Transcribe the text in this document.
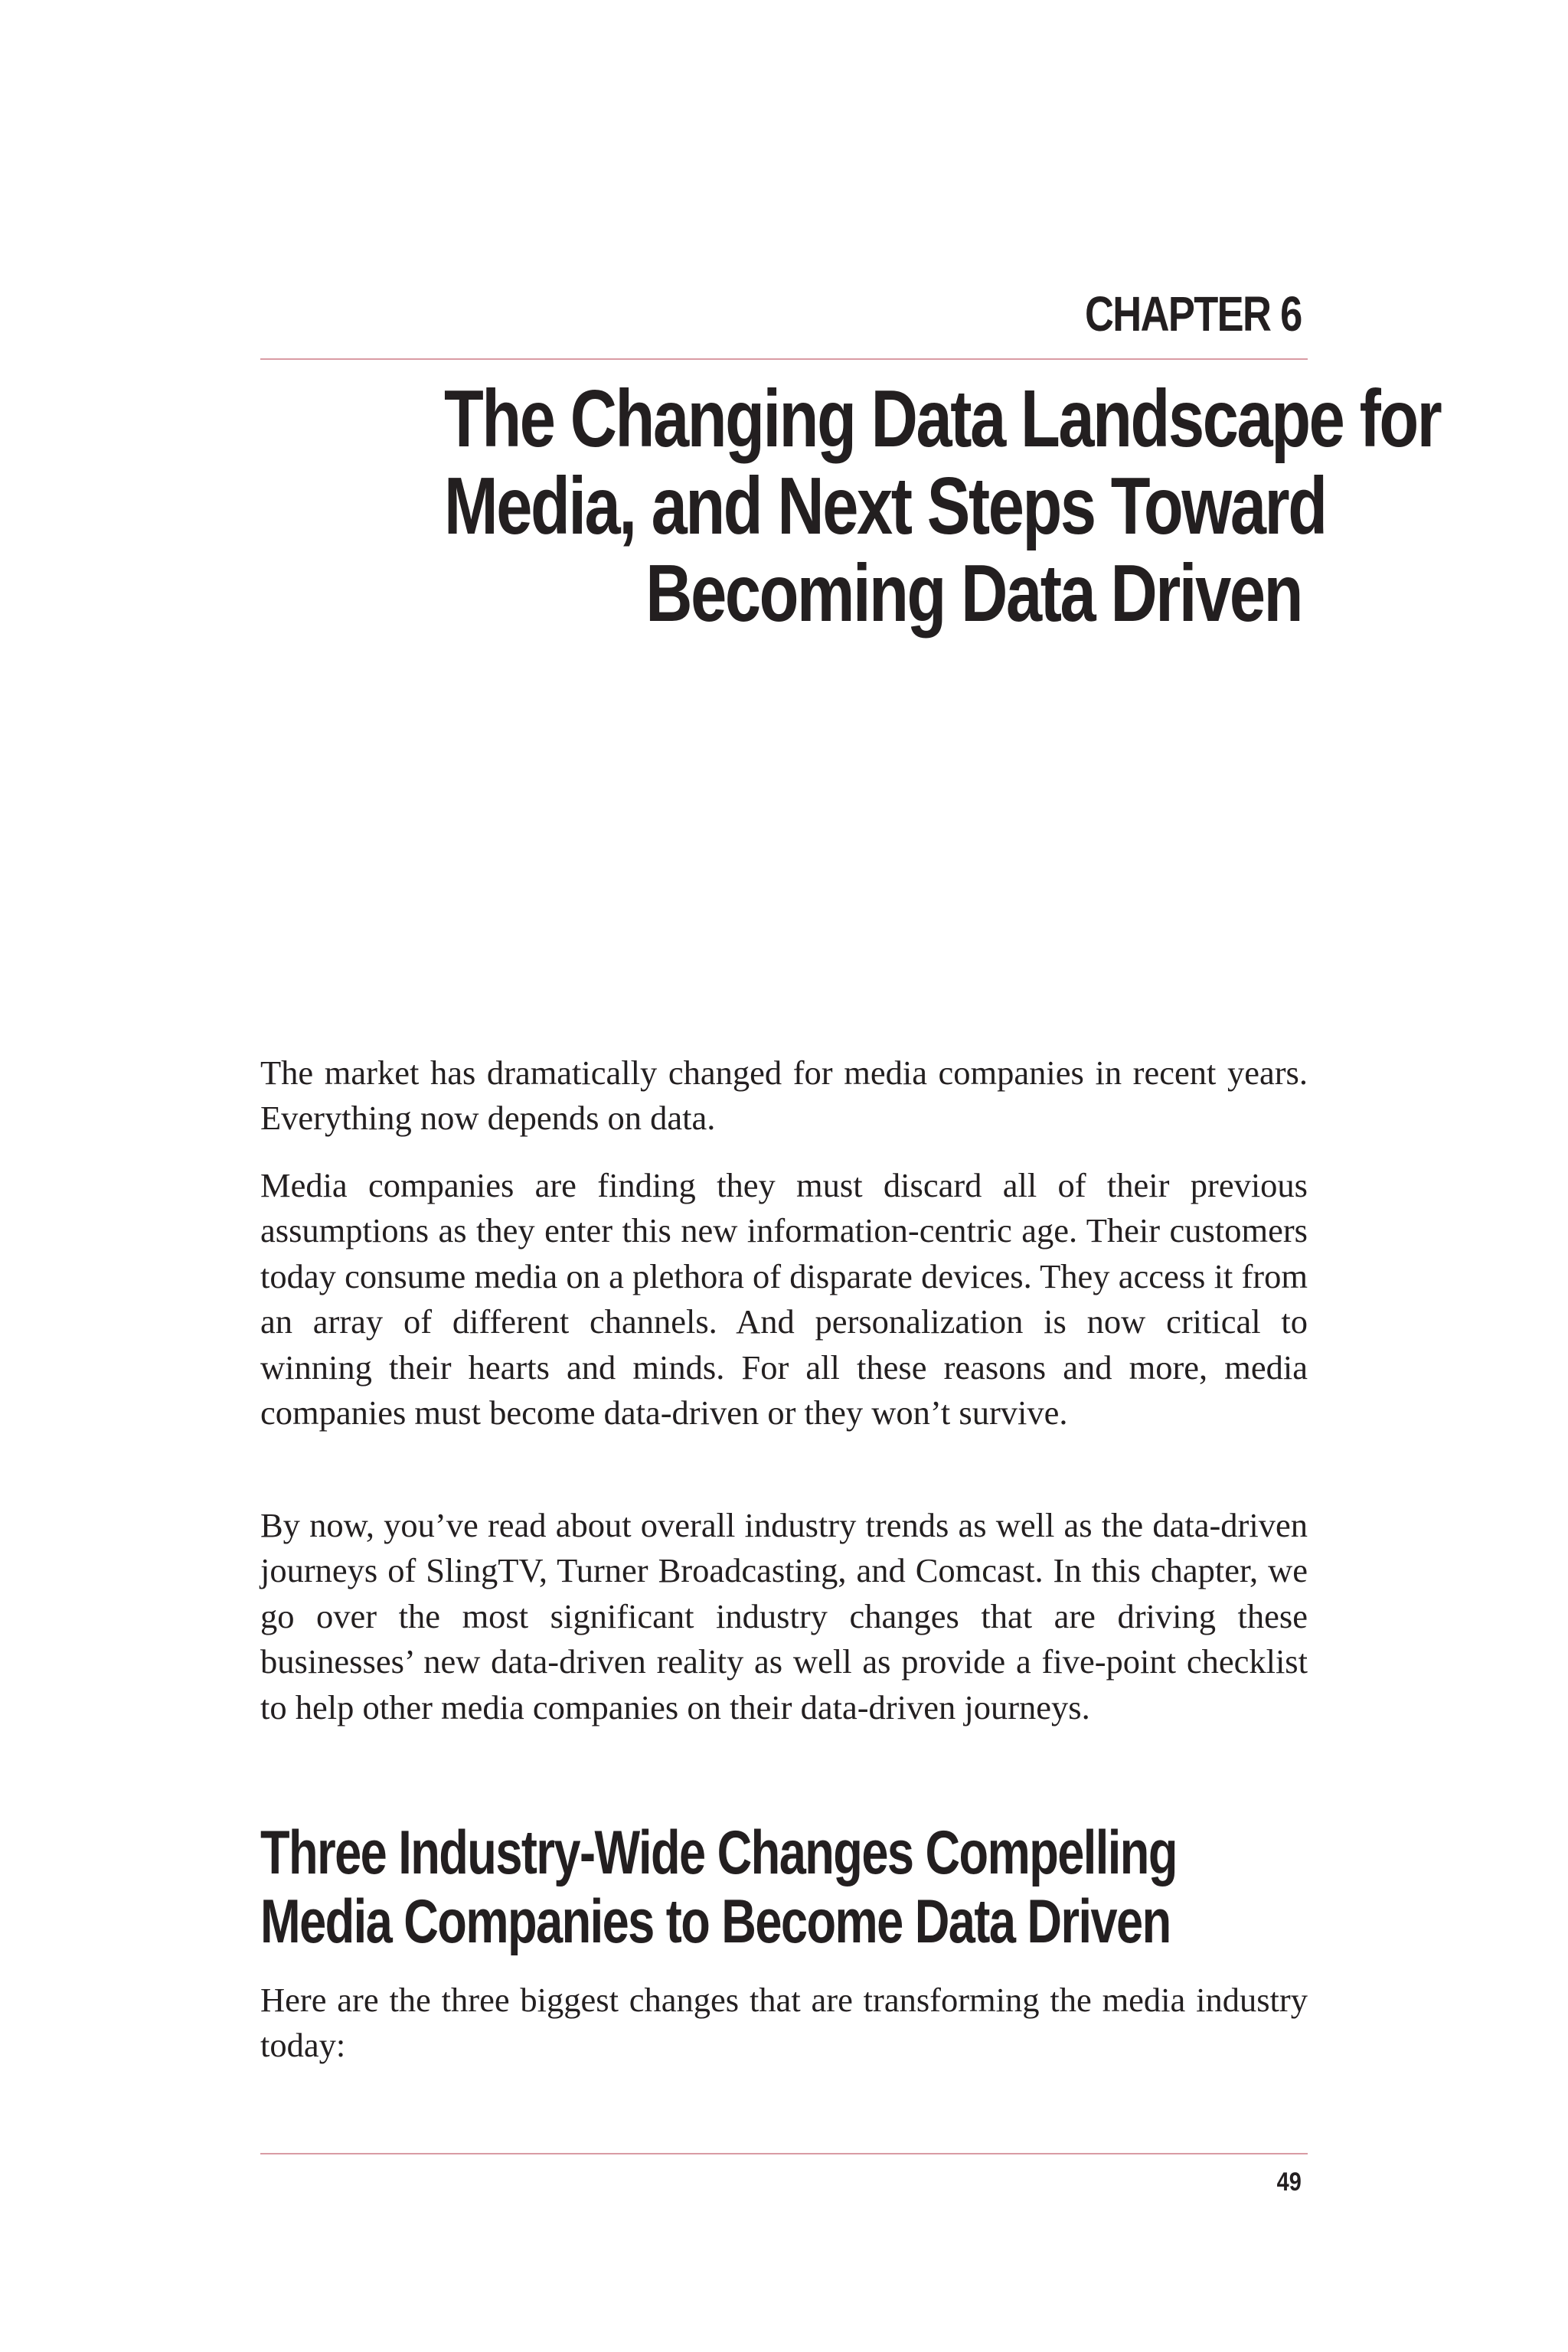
CHAPTER 6
The Changing Data Landscape for
Media, and Next Steps Toward
Becoming Data Driven

The market has dramatically changed for media companies in recent years. Everything now depends on data.

Media companies are finding they must discard all of their previous assumptions as they enter this new information-centric age. Their customers today consume media on a plethora of disparate devices. They access it from an array of different channels. And personalization is now critical to winning their hearts and minds. For all these reasons and more, media companies must become data-driven or they won’t survive.

By now, you’ve read about overall industry trends as well as the data-driven journeys of SlingTV, Turner Broadcasting, and Comcast. In this chapter, we go over the most significant industry changes that are driving these businesses’ new data-driven reality as well as provide a five-point checklist to help other media companies on their data-driven journeys.

Three Industry-Wide Changes Compelling
Media Companies to Become Data Driven

Here are the three biggest changes that are transforming the media industry today:

49
